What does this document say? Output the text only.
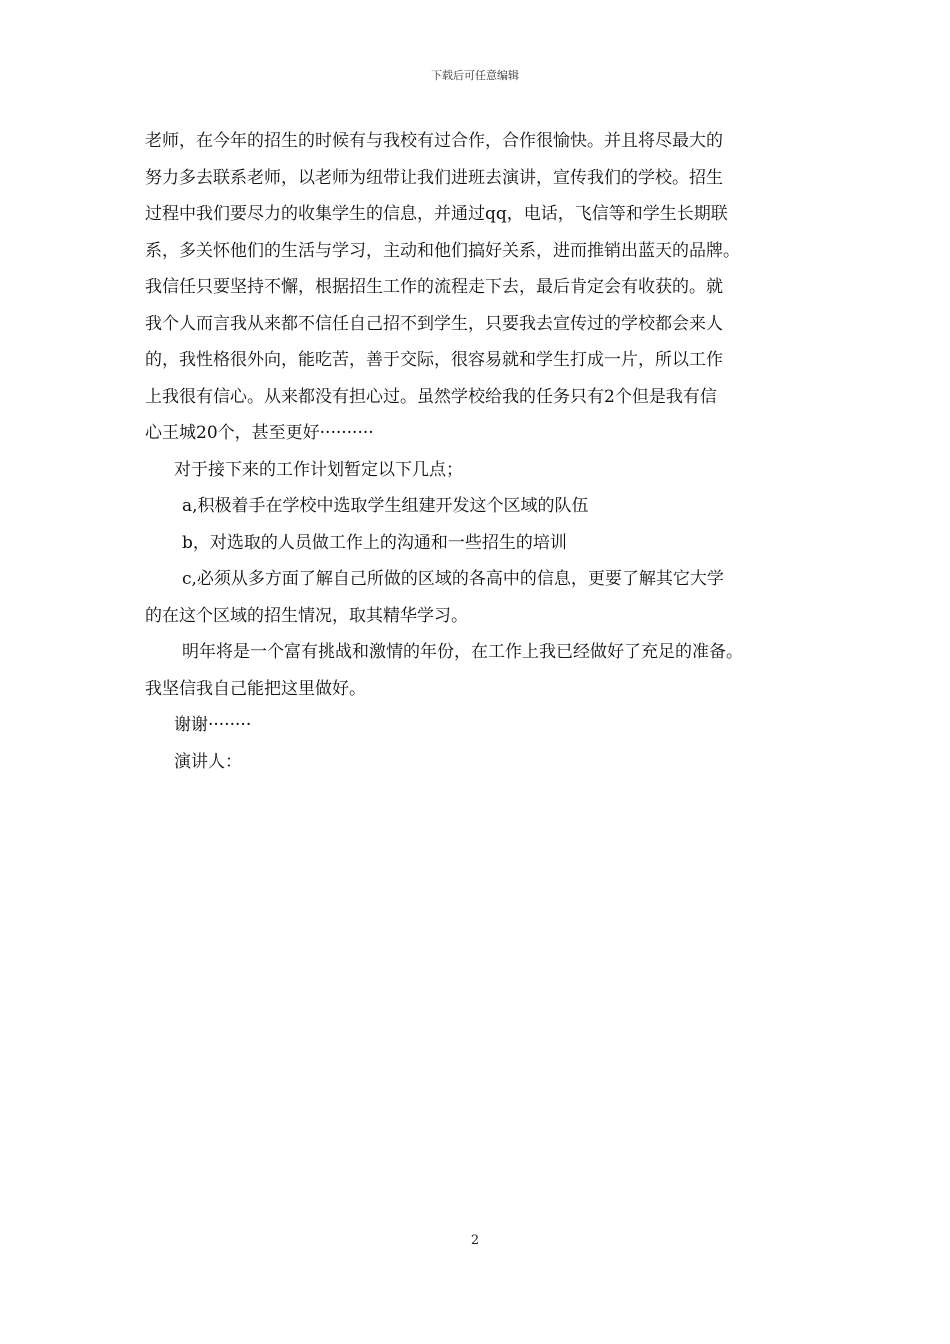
下载后可任意编辑
老师，在今年的招生的时候有与我校有过合作，合作很愉快。并且将尽最大的
努力多去联系老师，以老师为纽带让我们进班去演讲，宣传我们的学校。招生
过程中我们要尽力的收集学生的信息，并通过qq，电话，飞信等和学生长期联
系，多关怀他们的生活与学习，主动和他们搞好关系，进而推销出蓝天的品牌。
我信任只要坚持不懈，根据招生工作的流程走下去，最后肯定会有收获的。就
我个人而言我从来都不信任自己招不到学生，只要我去宣传过的学校都会来人
的，我性格很外向，能吃苦，善于交际，很容易就和学生打成一片，所以工作
上我很有信心。从来都没有担心过。虽然学校给我的任务只有2个但是我有信
心王城20个，甚至更好··········
对于接下来的工作计划暂定以下几点；
a,积极着手在学校中选取学生组建开发这个区域的队伍
b，对选取的人员做工作上的沟通和一些招生的培训
c,必须从多方面了解自己所做的区域的各高中的信息，更要了解其它大学
的在这个区域的招生情况，取其精华学习。
明年将是一个富有挑战和激情的年份，在工作上我已经做好了充足的准备。
我坚信我自己能把这里做好。
谢谢········
演讲人：
2
